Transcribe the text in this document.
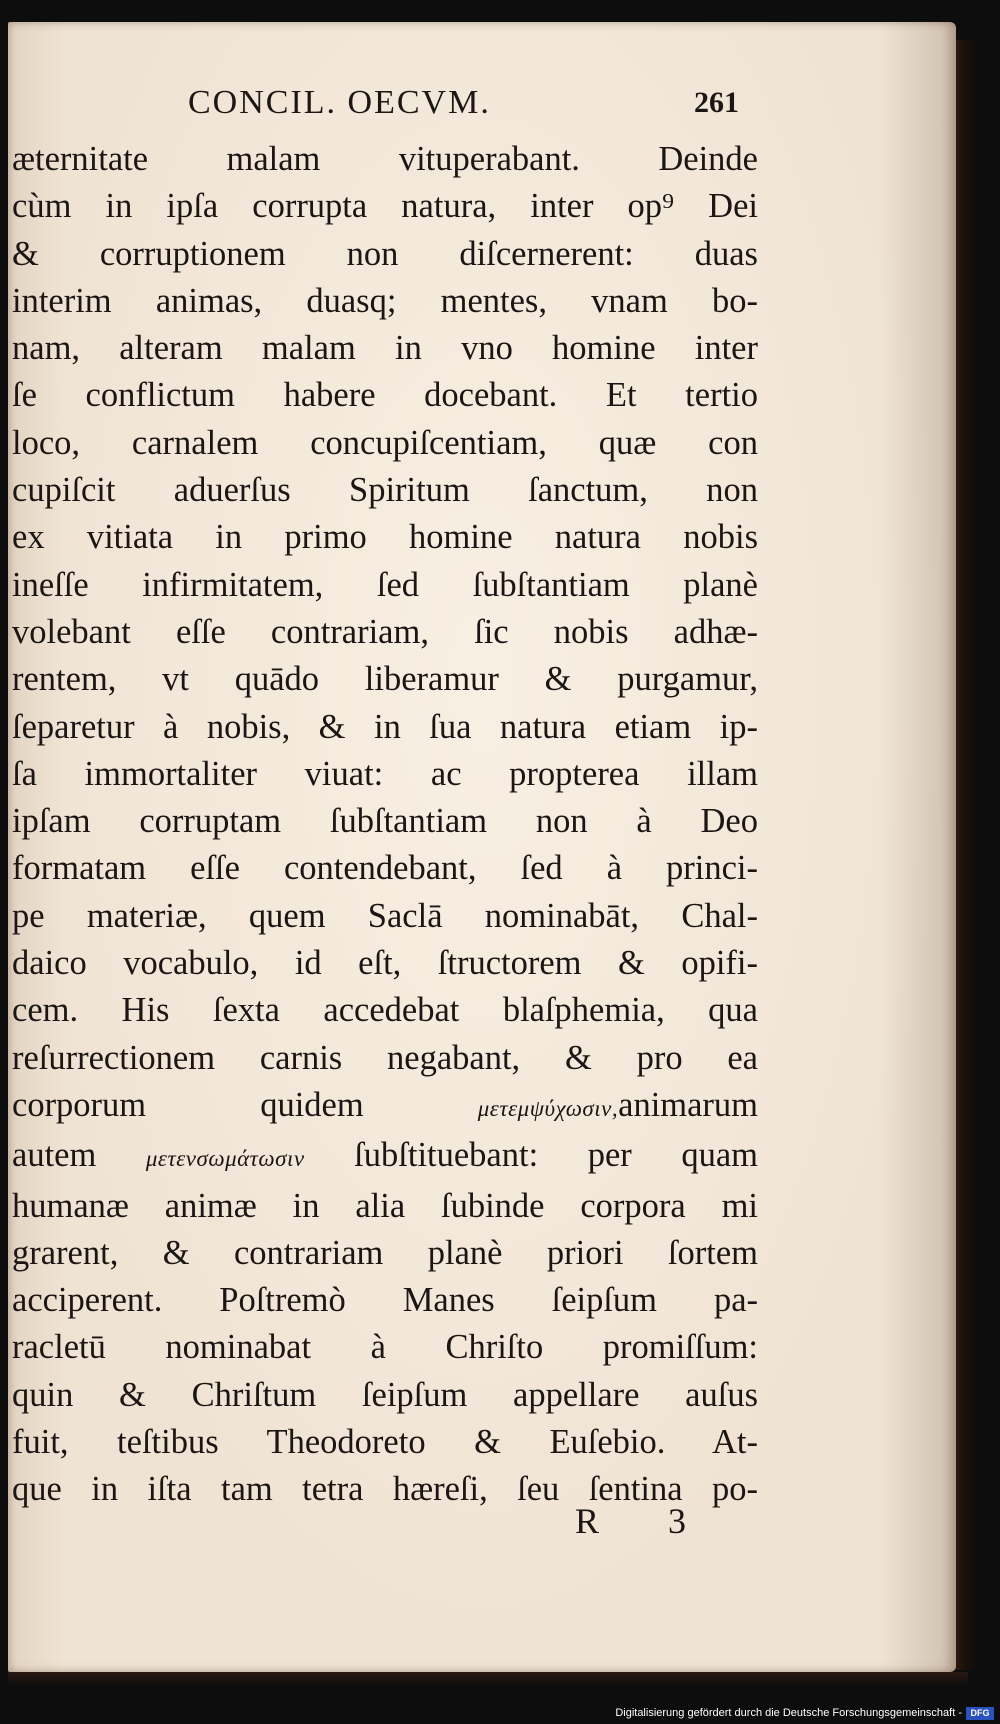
CONCIL. OECVM.	261
æternitate malam vituperabant. Deinde
cùm in ipſa corrupta natura, inter op⁹ Dei
& corruptionem non diſcernerent: duas
interim animas, duasq; mentes, vnam bo-
nam, alteram malam in vno homine inter
ſe conflictum habere docebant. Et tertio
loco, carnalem concupiſcentiam, quæ con
cupiſcit aduerſus Spiritum ſanctum, non
ex vitiata in primo homine natura nobis
ineſſe infirmitatem, ſed ſubſtantiam planè
volebant eſſe contrariam, ſic nobis adhæ-
rentem, vt quādo liberamur & purgamur,
ſeparetur à nobis, & in ſua natura etiam ip-
ſa immortaliter viuat: ac propterea illam
ipſam corruptam ſubſtantiam non à Deo
formatam eſſe contendebant, ſed à princi-
pe materiæ, quem Saclā nominabāt, Chal-
daico vocabulo, id eſt, ſtructorem & opifi-
cem. His ſexta accedebat blaſphemia, qua
reſurrectionem carnis negabant, & pro ea
corporum quidem μετεμψύχωσιν,animarum
autem μετενσωμάτωσιν ſubſtituebant: per quam
humanæ animæ in alia ſubinde corpora mi
grarent, & contrariam planè priori ſortem
acciperent. Poſtremò Manes ſeipſum pa-
racletū nominabat à Chriſto promiſſum:
quin & Chriſtum ſeipſum appellare auſus
fuit, teſtibus Theodoreto & Euſebio. At-
que in iſta tam tetra hæreſi, ſeu ſentina po-
R 3
Digitalisierung gefördert durch die Deutsche Forschungsgemeinschaft - DFG
